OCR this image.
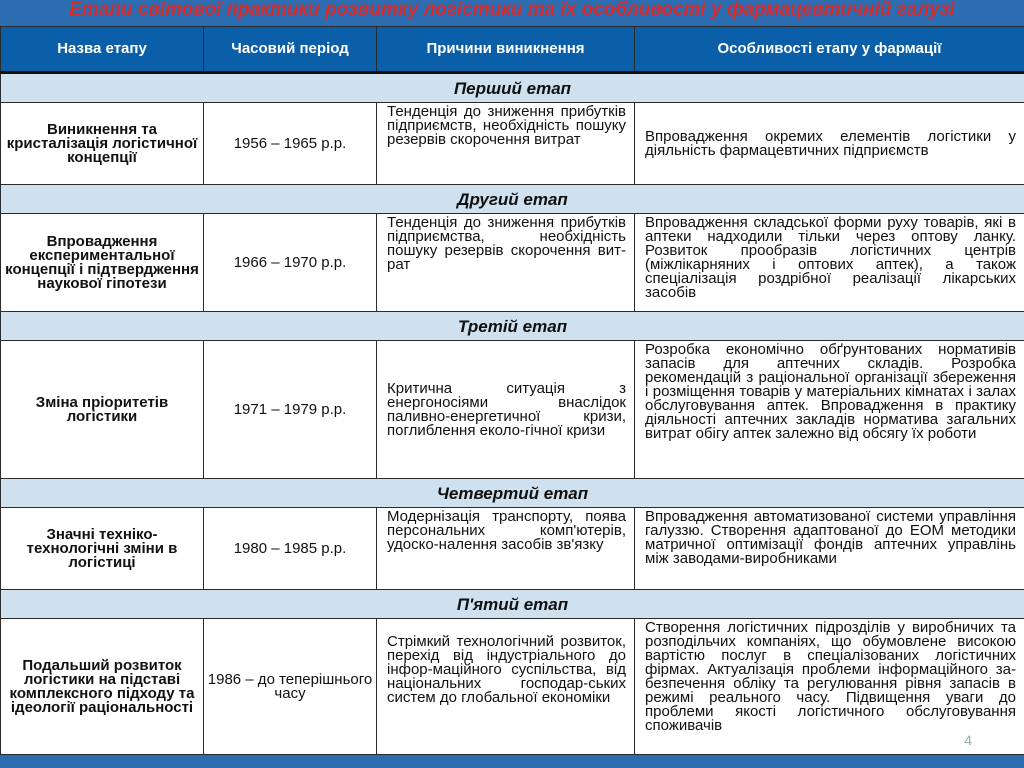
Етапи світової практики розвитку логістики та їх особливості у фармацевтичній галузі
Назва етапу	Часовий період	Причини виникнення	Особливості етапу у фармації
Перший етап			
Виникнення та кристалізація логістичної концепції	1956 – 1965 р.р.	Тенденція до зниження прибутків підприємств, необхідність пошуку резервів скорочення витрат	Впровадження окремих елементів логістики у діяльність фармацевтичних підприємств
Другий етап			
Впровадження експериментальної концепції і підтвердження наукової гіпотези	1966 – 1970 р.р.	Тенденція до зниження прибутків підприємства, необхідність пошуку резервів скорочення вит-рат	Впровадження складської форми руху товарів, які в аптеки надходили тільки через оптову ланку. Розвиток прообразів логістичних центрів (міжлікарняних і оптових аптек), а також спеціалізація роздрібної реалізації лікарських засобів
Третій етап			
Зміна пріоритетів логістики	1971 – 1979 р.р.	Критична ситуація з енергоносіями внаслідок паливно-енергетичної кризи, поглиблення еколо-гічної кризи	Розробка економічно обґрунтованих нормативів запасів для аптечних складів. Розробка рекомендацій з раціональної організації збереження і розміщення товарів у матеріальних кімнатах і залах обслуговування аптек. Впровадження в практику діяльності аптечних закладів норматива загальних витрат обігу аптек залежно від обсягу їх роботи
Четвертий етап			
Значні техніко-технологічні зміни в логістиці	1980 – 1985 р.р.	Модернізація транспорту, поява персональних комп'ютерів, удоско-налення засобів зв'язку	Впровадження автоматизованої системи управління галуззю. Створення адаптованої до ЕОМ методики матричної оптимізації фондів аптечних управлінь між заводами-виробниками
П'ятий етап			
Подальший розвиток логістики на підставі комплексного підходу та ідеології раціональності	1986 – до теперішнього часу	Стрімкий технологічний розвиток, перехід від індустріального до інфор-маційного суспільства, від національних господар-ських систем до глобальної економіки	Створення логістичних підрозділів у виробничих та розподільчих компаніях, що обумовлене високою вартістю послуг в спеціалізованих логістичних фірмах. Актуалізація проблеми інформаційного за-безпечення обліку та регулювання рівня запасів в режимі реального часу. Підвищення уваги до проблеми якості логістичного обслуговування споживачів
4
